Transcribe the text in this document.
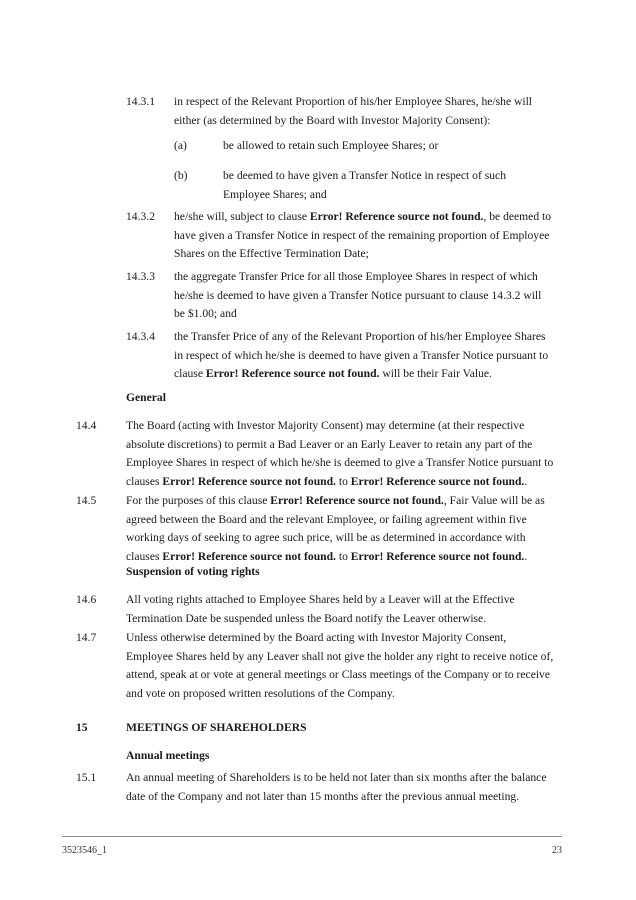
14.3.1 in respect of the Relevant Proportion of his/her Employee Shares, he/she will
either (as determined by the Board with Investor Majority Consent):
(a)	be allowed to retain such Employee Shares; or
(b)	be deemed to have given a Transfer Notice in respect of such
Employee Shares; and
14.3.2 he/she will, subject to clause Error! Reference source not found., be deemed to
have given a Transfer Notice in respect of the remaining proportion of Employee
Shares on the Effective Termination Date;
14.3.3 the aggregate Transfer Price for all those Employee Shares in respect of which
he/she is deemed to have given a Transfer Notice pursuant to clause 14.3.2 will
be $1.00; and
14.3.4 the Transfer Price of any of the Relevant Proportion of his/her Employee Shares
in respect of which he/she is deemed to have given a Transfer Notice pursuant to
clause Error! Reference source not found. will be their Fair Value.
General
14.4	The Board (acting with Investor Majority Consent) may determine (at their respective
absolute discretions) to permit a Bad Leaver or an Early Leaver to retain any part of the
Employee Shares in respect of which he/she is deemed to give a Transfer Notice pursuant to
clauses Error! Reference source not found. to Error! Reference source not found..
14.5	For the purposes of this clause Error! Reference source not found., Fair Value will be as
agreed between the Board and the relevant Employee, or failing agreement within five
working days of seeking to agree such price, will be as determined in accordance with
clauses Error! Reference source not found. to Error! Reference source not found..
Suspension of voting rights
14.6	All voting rights attached to Employee Shares held by a Leaver will at the Effective
Termination Date be suspended unless the Board notify the Leaver otherwise.
14.7	Unless otherwise determined by the Board acting with Investor Majority Consent,
Employee Shares held by any Leaver shall not give the holder any right to receive notice of,
attend, speak at or vote at general meetings or Class meetings of the Company or to receive
and vote on proposed written resolutions of the Company.
15	MEETINGS OF SHAREHOLDERS
Annual meetings
15.1	An annual meeting of Shareholders is to be held not later than six months after the balance
date of the Company and not later than 15 months after the previous annual meeting.
3523546_1	23
